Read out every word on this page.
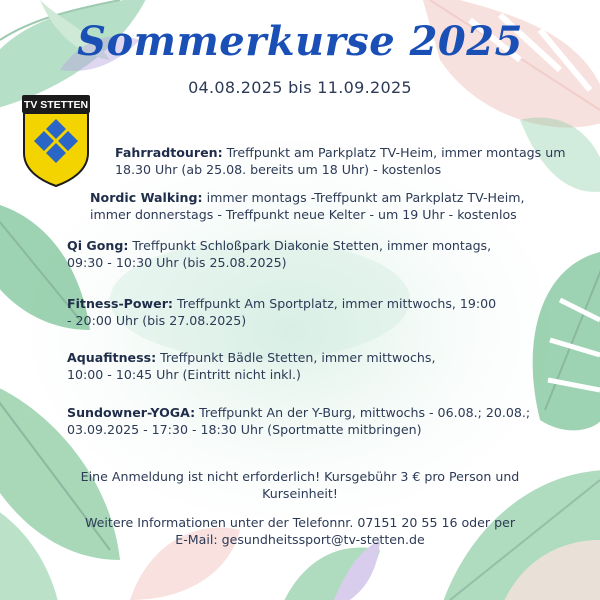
Sommerkurse 2025
04.08.2025 bis 11.09.2025
TV STETTEN
Fahrradtouren: Treffpunkt am Parkplatz TV-Heim, immer montags um 18.30 Uhr (ab 25.08. bereits um 18 Uhr) - kostenlos
Nordic Walking: immer montags -Treffpunkt am Parkplatz TV-Heim, immer donnerstags - Treffpunkt neue Kelter - um 19 Uhr - kostenlos
Qi Gong: Treffpunkt Schloßpark Diakonie Stetten, immer montags, 09:30 - 10:30 Uhr (bis 25.08.2025)
Fitness-Power: Treffpunkt Am Sportplatz, immer mittwochs, 19:00 - 20:00 Uhr (bis 27.08.2025)
Aquafitness: Treffpunkt Bädle Stetten, immer mittwochs, 10:00 - 10:45 Uhr (Eintritt nicht inkl.)
Sundowner-YOGA: Treffpunkt An der Y-Burg, mittwochs - 06.08.; 20.08.; 03.09.2025 - 17:30 - 18:30 Uhr (Sportmatte mitbringen)
Eine Anmeldung ist nicht erforderlich! Kursgebühr 3 € pro Person und Kurseinheit!
Weitere Informationen unter der Telefonnr. 07151 20 55 16 oder per
E-Mail: gesundheitssport@tv-stetten.de
